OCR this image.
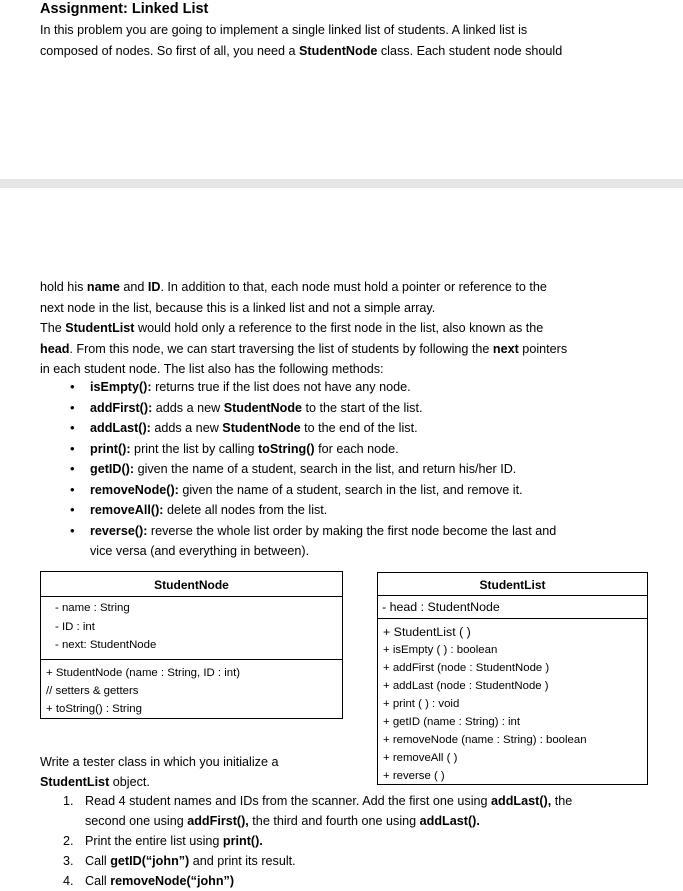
Assignment: Linked List

In this problem you are going to implement a single linked list of students. A linked list is

composed of nodes. So first of all, you need a StudentNode class. Each student node should

hold his name and ID. In addition to that, each node must hold a pointer or reference to the

next node in the list, because this is a linked list and not a simple array.

The StudentList would hold only a reference to the first node in the list, also known as the

head. From this node, we can start traversing the list of students by following the next pointers

in each student node. The list also has the following methods:

• isEmpty(): returns true if the list does not have any node.
• addFirst(): adds a new StudentNode to the start of the list.
• addLast(): adds a new StudentNode to the end of the list.
• print(): print the list by calling toString() for each node.
• getID(): given the name of a student, search in the list, and return his/her ID.
• removeNode(): given the name of a student, search in the list, and remove it.
• removeAll(): delete all nodes from the list.
• reverse(): reverse the whole list order by making the first node become the last and
vice versa (and everything in between).
StudentNode
- name : String
- ID : int
- next: StudentNode
+ StudentNode (name : String, ID : int)
// setters & getters
+ toString() : String
StudentList
- head : StudentNode
+ StudentList ( )
+ isEmpty ( ) : boolean
+ addFirst (node : StudentNode )
+ addLast (node : StudentNode )
+ print ( ) : void
+ getID (name : String) : int
+ removeNode (name : String) : boolean
+ removeAll ( )
+ reverse ( )
Write a tester class in which you initialize a
StudentList object.
1. Read 4 student names and IDs from the scanner. Add the first one using addLast(), the
second one using addFirst(), the third and fourth one using addLast().
2. Print the entire list using print().
3. Call getID(“john”) and print its result.
4. Call removeNode(“john”)
